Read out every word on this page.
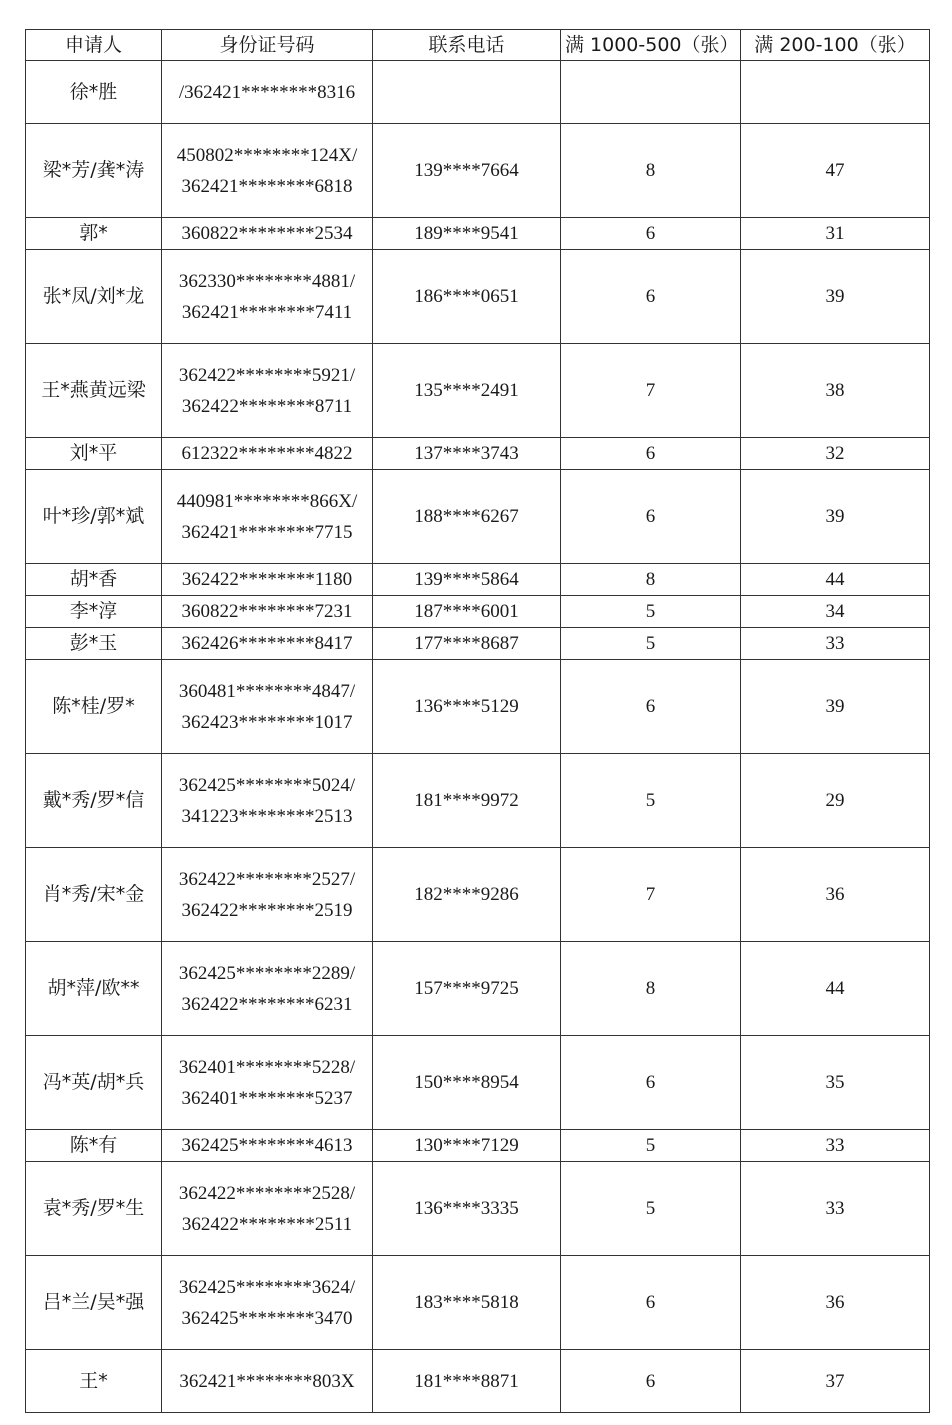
申请人	身份证号码	联系电话	满 1000-500（张）	满 200-100（张）
徐*胜	/362421********8316			
梁*芳/龚*涛	450802********124X/362421********6818	139****7664	8	47
郭*	360822********2534	189****9541	6	31
张*凤/刘*龙	362330********4881/362421********7411	186****0651	6	39
王*燕黄远梁	362422********5921/362422********8711	135****2491	7	38
刘*平	612322********4822	137****3743	6	32
叶*珍/郭*斌	440981********866X/362421********7715	188****6267	6	39
胡*香	362422********1180	139****5864	8	44
李*淳	360822********7231	187****6001	5	34
彭*玉	362426********8417	177****8687	5	33
陈*桂/罗*	360481********4847/362423********1017	136****5129	6	39
戴*秀/罗*信	362425********5024/341223********2513	181****9972	5	29
肖*秀/宋*金	362422********2527/362422********2519	182****9286	7	36
胡*萍/欧**	362425********2289/362422********6231	157****9725	8	44
冯*英/胡*兵	362401********5228/362401********5237	150****8954	6	35
陈*有	362425********4613	130****7129	5	33
袁*秀/罗*生	362422********2528/362422********2511	136****3335	5	33
吕*兰/吴*强	362425********3624/362425********3470	183****5818	6	36
王*	362421********803X	181****8871	6	37
